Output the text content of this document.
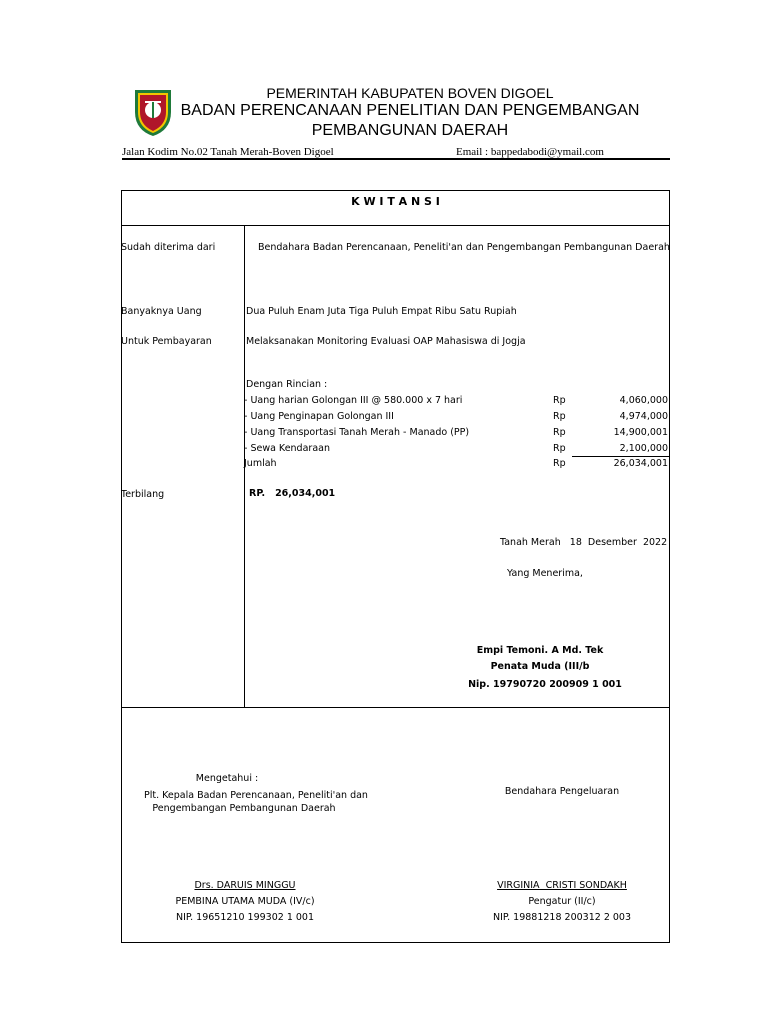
PEMERINTAH KABUPATEN BOVEN DIGOEL
BADAN PERENCANAAN PENELITIAN DAN PENGEMBANGAN
PEMBANGUNAN DAERAH
Jalan Kodim No.02 Tanah Merah-Boven Digoel	Email : bappedabodi@ymail.com
K W I T A N S I
Sudah diterima dari	Bendahara Badan Perencanaan, Peneliti'an dan Pengembangan Pembangunan Daerah
Banyaknya Uang	Dua Puluh Enam Juta Tiga Puluh Empat Ribu Satu Rupiah
Untuk Pembayaran	Melaksanakan Monitoring Evaluasi OAP Mahasiswa di Jogja
Dengan Rincian :
- Uang harian Golongan III @ 580.000 x 7 hari	Rp	4,060,000
- Uang Penginapan Golongan III	Rp	4,974,000
- Uang Transportasi Tanah Merah - Manado (PP)	Rp	14,900,001
- Sewa Kendaraan	Rp	2,100,000
Jumlah	Rp	26,034,001
Terbilang	RP.   26,034,001
Tanah Merah   18  Desember  2022
Yang Menerima,
Empi Temoni. A Md. Tek
Penata Muda (III/b
Nip. 19790720 200909 1 001
Mengetahui :
Plt. Kepala Badan Perencanaan, Peneliti'an dan
Pengembangan Pembangunan Daerah
Bendahara Pengeluaran
Drs. DARUIS MINGGU
PEMBINA UTAMA MUDA (IV/c)
NIP. 19651210 199302 1 001
VIRGINIA  CRISTI SONDAKH
Pengatur (II/c)
NIP. 19881218 200312 2 003
